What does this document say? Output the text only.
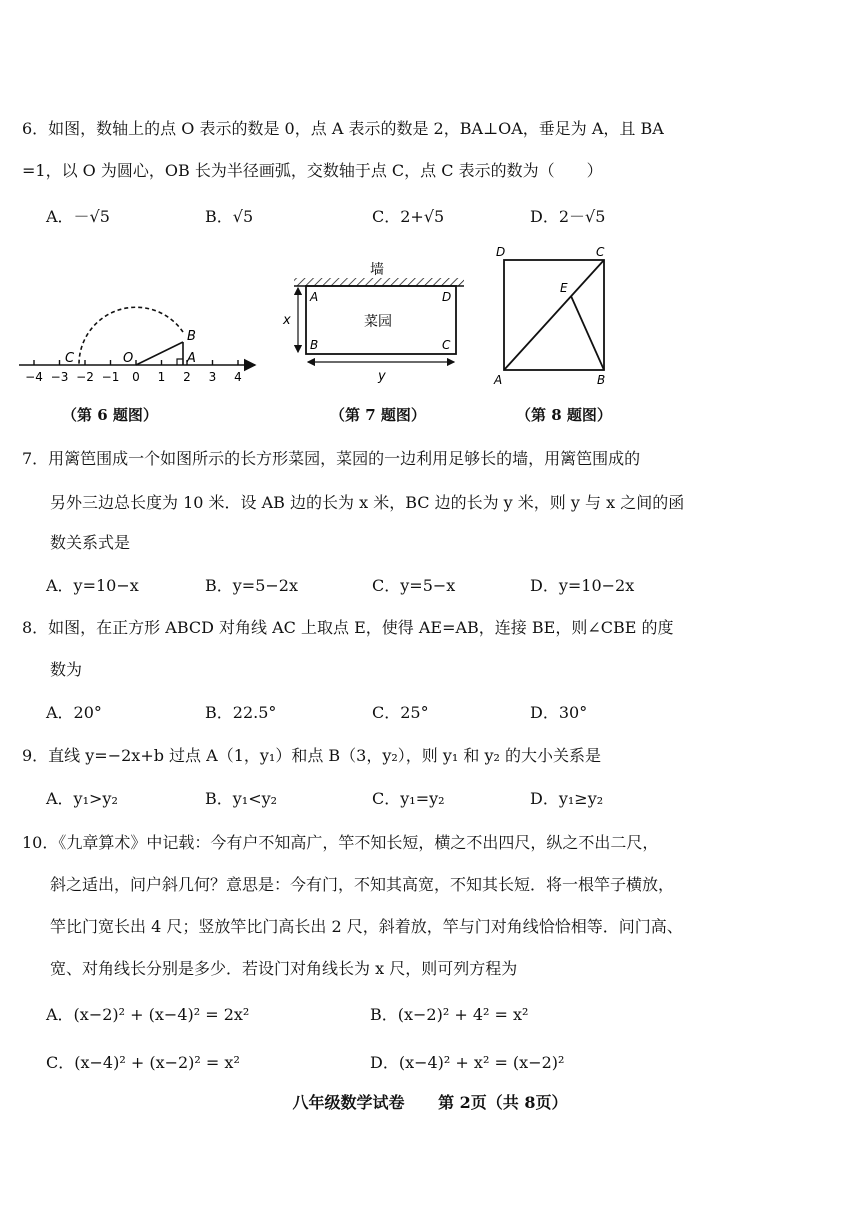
6．如图，数轴上的点 O 表示的数是 0，点 A 表示的数是 2，BA⊥OA，垂足为 A，且 BA
=1，以 O 为圆心，OB 长为半径画弧，交数轴于点 C，点 C 表示的数为（　　）
A．－√5	B．√5	C．2+√5	D．2－√5
−4 −3 −2 −1 0 1 2 3 4
B
A
O
C
（第 6 题图）
墙
菜园
A	D
B	C
x
y
（第 7 题图）
D	C
E
A	B
（第 8 题图）
7．用篱笆围成一个如图所示的长方形菜园，菜园的一边利用足够长的墙，用篱笆围成的
另外三边总长度为 10 米．设 AB 边的长为 x 米，BC 边的长为 y 米，则 y 与 x 之间的函
数关系式是
A．y=10−x	B．y=5−2x	C．y=5−x	D．y=10−2x
8．如图，在正方形 ABCD 对角线 AC 上取点 E，使得 AE=AB，连接 BE，则∠CBE 的度
数为
A．20°	B．22.5°	C．25°	D．30°
9．直线 y=−2x+b 过点 A（1，y₁）和点 B（3，y₂），则 y₁ 和 y₂ 的大小关系是
A．y₁>y₂	B．y₁<y₂	C．y₁=y₂	D．y₁≥y₂
10．《九章算术》中记载：今有户不知高广，竿不知长短，横之不出四尺，纵之不出二尺，
斜之适出，问户斜几何？意思是：今有门，不知其高宽，不知其长短．将一根竿子横放，
竿比门宽长出 4 尺；竖放竿比门高长出 2 尺，斜着放，竿与门对角线恰恰相等．问门高、
宽、对角线长分别是多少．若设门对角线长为 x 尺，则可列方程为
A．(x−2)² + (x−4)² = 2x²	B．(x−2)² + 4² = x²
C．(x−4)² + (x−2)² = x²	D．(x−4)² + x² = (x−2)²
八年级数学试卷 第 2页（共 8页）
